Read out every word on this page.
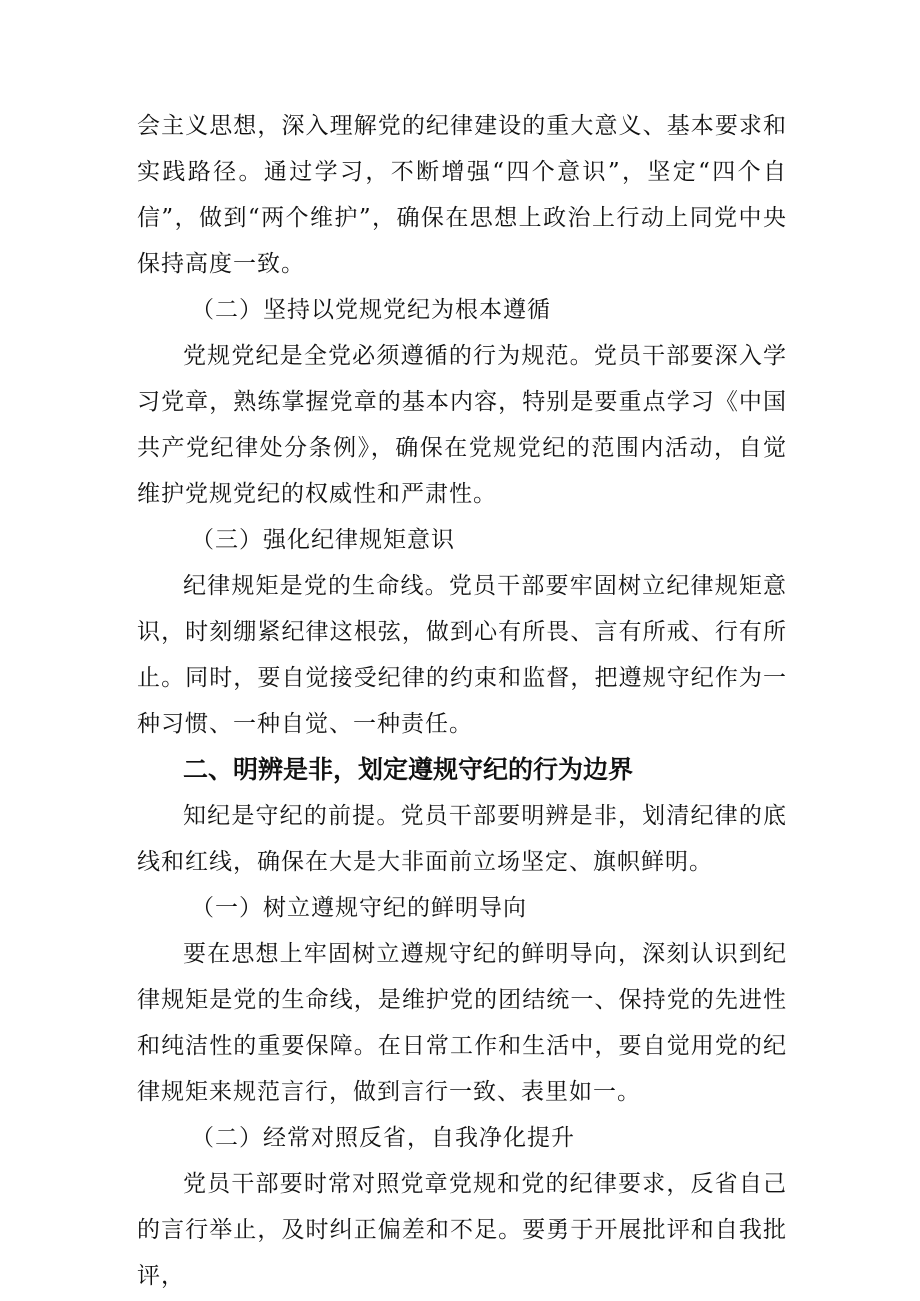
会主义思想，深入理解党的纪律建设的重大意义、基本要求和实践路径。通过学习，不断增强“四个意识”，坚定“四个自信”，做到“两个维护”，确保在思想上政治上行动上同党中央保持高度一致。

（二）坚持以党规党纪为根本遵循

党规党纪是全党必须遵循的行为规范。党员干部要深入学习党章，熟练掌握党章的基本内容，特别是要重点学习《中国共产党纪律处分条例》，确保在党规党纪的范围内活动，自觉维护党规党纪的权威性和严肃性。

（三）强化纪律规矩意识

纪律规矩是党的生命线。党员干部要牢固树立纪律规矩意识，时刻绷紧纪律这根弦，做到心有所畏、言有所戒、行有所止。同时，要自觉接受纪律的约束和监督，把遵规守纪作为一种习惯、一种自觉、一种责任。

二、明辨是非，划定遵规守纪的行为边界

知纪是守纪的前提。党员干部要明辨是非，划清纪律的底线和红线，确保在大是大非面前立场坚定、旗帜鲜明。

（一）树立遵规守纪的鲜明导向

要在思想上牢固树立遵规守纪的鲜明导向，深刻认识到纪律规矩是党的生命线，是维护党的团结统一、保持党的先进性和纯洁性的重要保障。在日常工作和生活中，要自觉用党的纪律规矩来规范言行，做到言行一致、表里如一。

（二）经常对照反省，自我净化提升

党员干部要时常对照党章党规和党的纪律要求，反省自己的言行举止，及时纠正偏差和不足。要勇于开展批评和自我批评，
